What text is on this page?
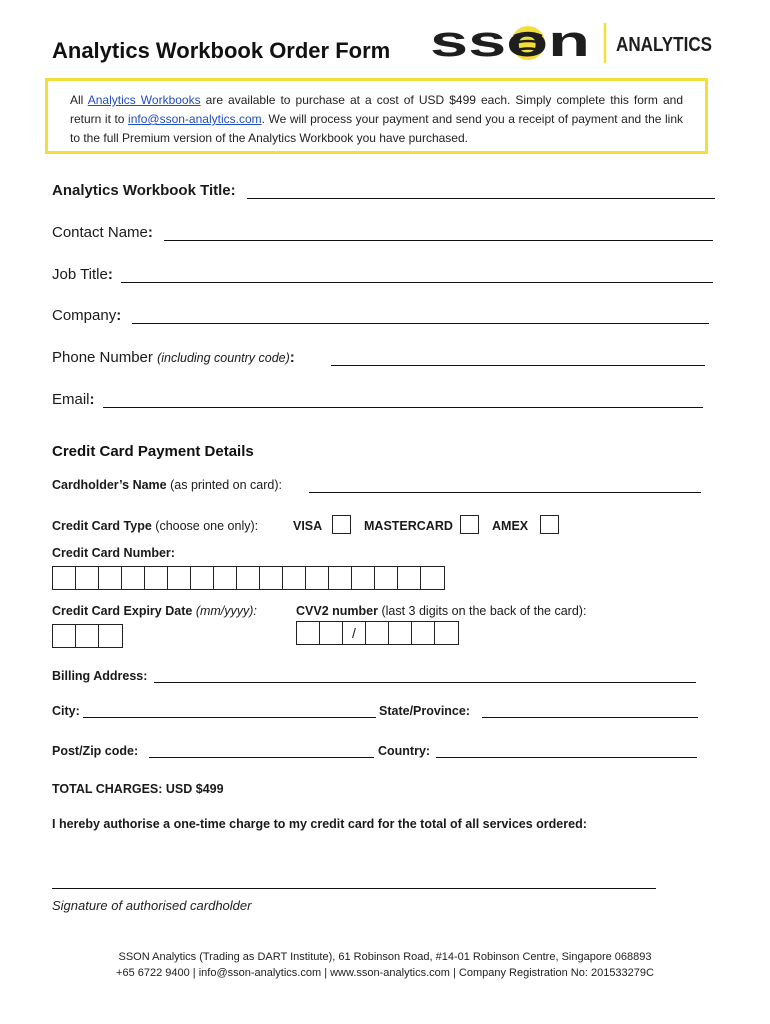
Analytics Workbook Order Form sson ANALYTICS
All Analytics Workbooks are available to purchase at a cost of USD $499 each. Simply complete this form and return it to info@sson-analytics.com. We will process your payment and send you a receipt of payment and the link to the full Premium version of the Analytics Workbook you have purchased.
Analytics Workbook Title:
Contact Name:
Job Title:
Company:
Phone Number (including country code):
Email:
Credit Card Payment Details
Cardholder’s Name (as printed on card):
Credit Card Type (choose one only):	VISA	MASTERCARD	AMEX
Credit Card Number:
Credit Card Expiry Date (mm/yyyy):	CVV2 number (last 3 digits on the back of the card):
/
Billing Address:
City:	State/Province:
Post/Zip code:	Country:
TOTAL CHARGES: USD $499
I hereby authorise a one-time charge to my credit card for the total of all services ordered:
Signature of authorised cardholder
SSON Analytics (Trading as DART Institute), 61 Robinson Road, #14-01 Robinson Centre, Singapore 068893
+65 6722 9400 | info@sson-analytics.com | www.sson-analytics.com | Company Registration No: 201533279C
